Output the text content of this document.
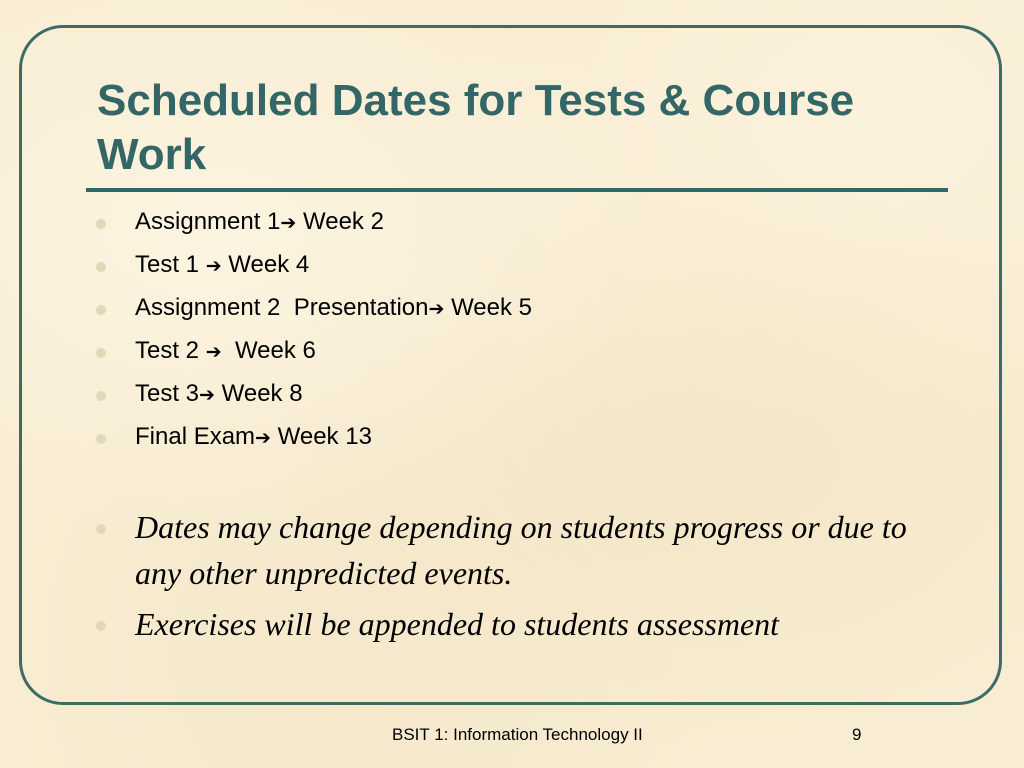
Scheduled Dates for Tests & Course Work
Assignment 1➔ Week 2
Test 1 ➔ Week 4
Assignment 2  Presentation➔ Week 5
Test 2 ➔  Week 6
Test 3➔ Week 8
Final Exam➔ Week 13
Dates may change depending on students progress or due to any other unpredicted events.
Exercises will be appended to students assessment
BSIT 1: Information Technology II	9
